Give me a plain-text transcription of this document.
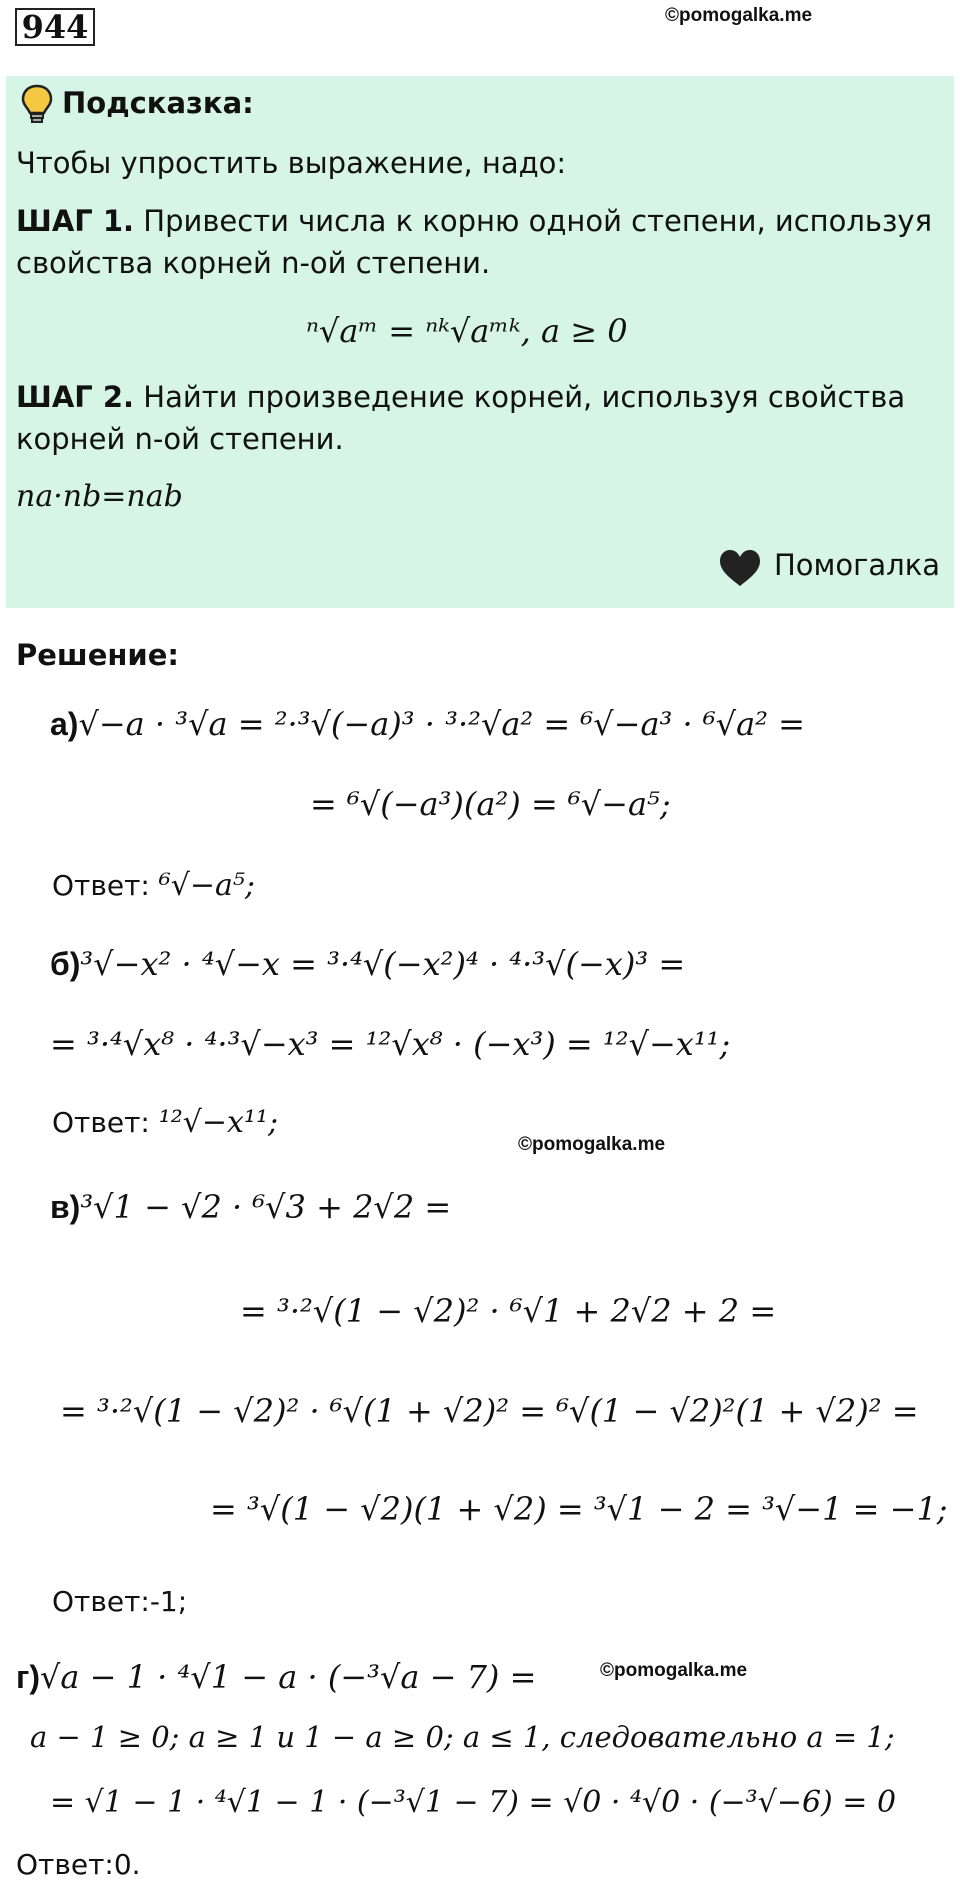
944	©pomogalka.me
Подсказка:
Чтобы упростить выражение, надо:
ШАГ 1. Привести числа к корню одной степени, используя
свойства корней n-ой степени.
ⁿ√aᵐ = ⁿᵏ√aᵐᵏ, a ≥ 0
ШАГ 2. Найти произведение корней, используя свойства
корней n-ой степени.
na·nb=nab
Помогалка
Решение:
а)√−a · ³√a = ²·³√(−a)³ · ³·²√a² = ⁶√−a³ · ⁶√a² =
= ⁶√(−a³)(a²) = ⁶√−a⁵;
Ответ: ⁶√−a⁵;
б)³√−x² · ⁴√−x = ³·⁴√(−x²)⁴ · ⁴·³√(−x)³ =
= ³·⁴√x⁸ · ⁴·³√−x³ = ¹²√x⁸ · (−x³) = ¹²√−x¹¹;
Ответ: ¹²√−x¹¹;
©pomogalka.me
в)³√1 − √2 · ⁶√3 + 2√2 =
= ³·²√(1 − √2)² · ⁶√1 + 2√2 + 2 =
= ³·²√(1 − √2)² · ⁶√(1 + √2)² = ⁶√(1 − √2)²(1 + √2)² =
= ³√(1 − √2)(1 + √2) = ³√1 − 2 = ³√−1 = −1;
Ответ:-1;
г)√a − 1 · ⁴√1 − a · (−³√a − 7) =	©pomogalka.me
a − 1 ≥ 0; a ≥ 1 и 1 − a ≥ 0; a ≤ 1, следовательно a = 1;
= √1 − 1 · ⁴√1 − 1 · (−³√1 − 7) = √0 · ⁴√0 · (−³√−6) = 0
Ответ:0.
